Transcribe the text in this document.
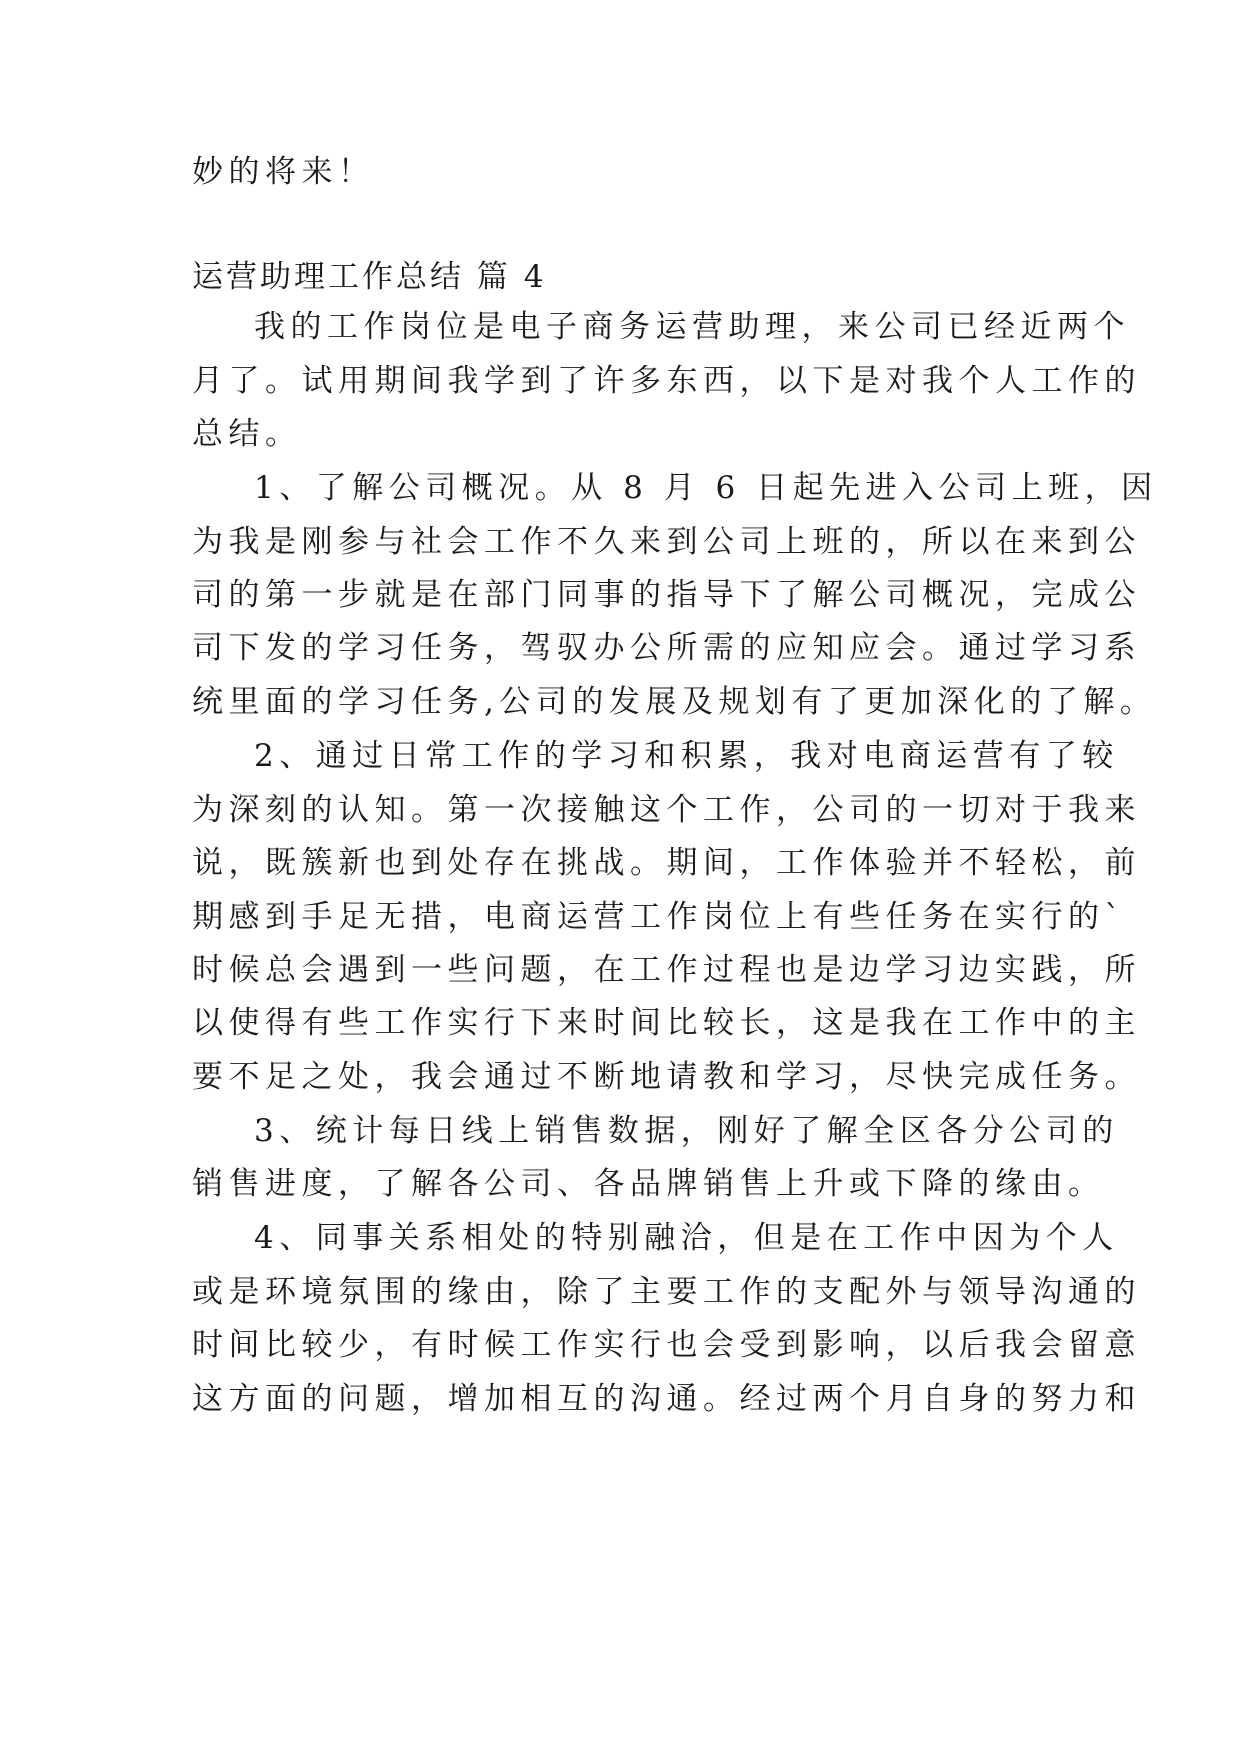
妙的将来！
运营助理工作总结 篇 4
我的工作岗位是电子商务运营助理，来公司已经近两个
月了。试用期间我学到了许多东西，以下是对我个人工作的
总结。
1、了解公司概况。从 8 月 6 日起先进入公司上班，因
为我是刚参与社会工作不久来到公司上班的，所以在来到公
司的第一步就是在部门同事的指导下了解公司概况，完成公
司下发的学习任务，驾驭办公所需的应知应会。通过学习系
统里面的学习任务,公司的发展及规划有了更加深化的了解。
2、通过日常工作的学习和积累，我对电商运营有了较
为深刻的认知。第一次接触这个工作，公司的一切对于我来
说，既簇新也到处存在挑战。期间，工作体验并不轻松，前
期感到手足无措，电商运营工作岗位上有些任务在实行的`
时候总会遇到一些问题，在工作过程也是边学习边实践，所
以使得有些工作实行下来时间比较长，这是我在工作中的主
要不足之处，我会通过不断地请教和学习，尽快完成任务。
3、统计每日线上销售数据，刚好了解全区各分公司的
销售进度，了解各公司、各品牌销售上升或下降的缘由。
4、同事关系相处的特别融洽，但是在工作中因为个人
或是环境氛围的缘由，除了主要工作的支配外与领导沟通的
时间比较少，有时候工作实行也会受到影响，以后我会留意
这方面的问题，增加相互的沟通。经过两个月自身的努力和
